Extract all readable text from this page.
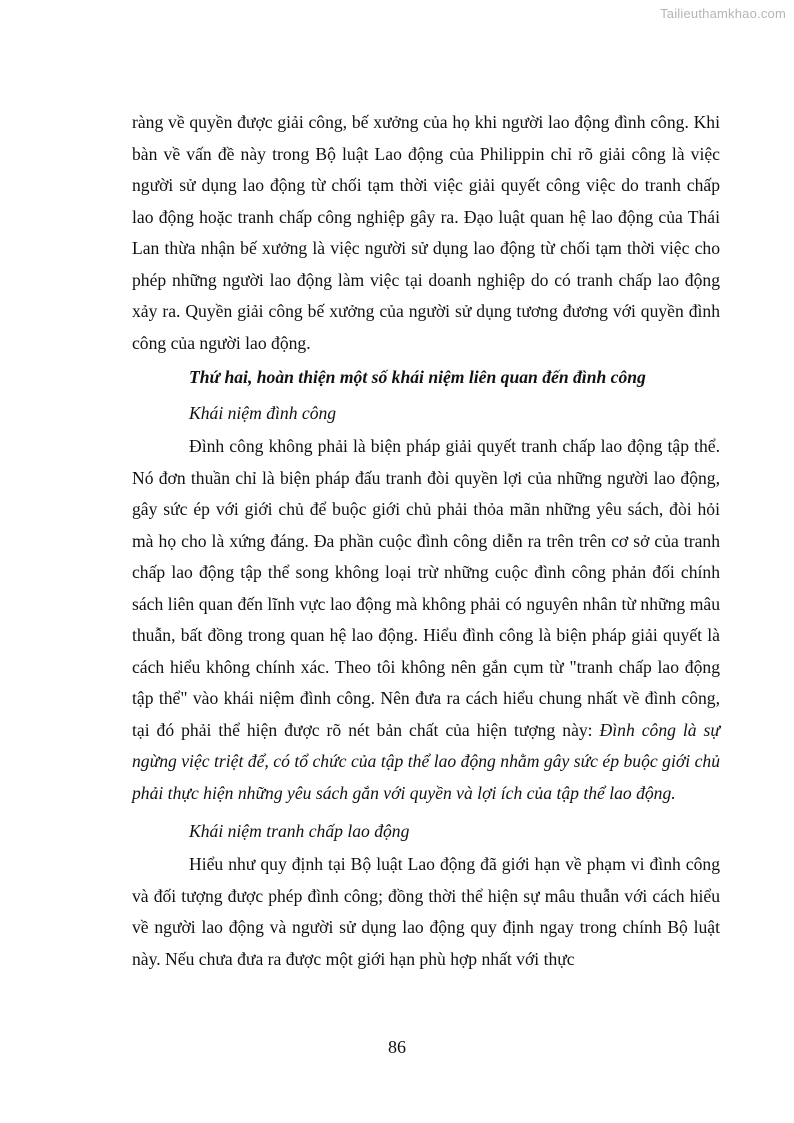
Tailieuthamkhao.com

ràng về quyền được giải công, bế xưởng của họ khi người lao động đình công. Khi bàn về vấn đề này trong Bộ luật Lao động của Philippin chỉ rõ giải công là việc người sử dụng lao động từ chối tạm thời việc giải quyết công việc do tranh chấp lao động hoặc tranh chấp công nghiệp gây ra. Đạo luật quan hệ lao động của Thái Lan thừa nhận bế xưởng là việc người sử dụng lao động từ chối tạm thời việc cho phép những người lao động làm việc tại doanh nghiệp do có tranh chấp lao động xảy ra. Quyền giải công bế xưởng của người sử dụng tương đương với quyền đình công của người lao động.

Thứ hai, hoàn thiện một số khái niệm liên quan đến đình công

Khái niệm đình công

Đình công không phải là biện pháp giải quyết tranh chấp lao động tập thể. Nó đơn thuần chỉ là biện pháp đấu tranh đòi quyền lợi của những người lao động, gây sức ép với giới chủ để buộc giới chủ phải thỏa mãn những yêu sách, đòi hỏi mà họ cho là xứng đáng. Đa phần cuộc đình công diễn ra trên trên cơ sở của tranh chấp lao động tập thể song không loại trừ những cuộc đình công phản đối chính sách liên quan đến lĩnh vực lao động mà không phải có nguyên nhân từ những mâu thuẫn, bất đồng trong quan hệ lao động. Hiểu đình công là biện pháp giải quyết là cách hiểu không chính xác. Theo tôi không nên gắn cụm từ "tranh chấp lao động tập thể" vào khái niệm đình công. Nên đưa ra cách hiểu chung nhất về đình công, tại đó phải thể hiện được rõ nét bản chất của hiện tượng này: Đình công là sự ngừng việc triệt để, có tổ chức của tập thể lao động nhằm gây sức ép buộc giới chủ phải thực hiện những yêu sách gắn với quyền và lợi ích của tập thể lao động.

Khái niệm tranh chấp lao động

Hiểu như quy định tại Bộ luật Lao động đã giới hạn về phạm vi đình công và đối tượng được phép đình công; đồng thời thể hiện sự mâu thuẫn với cách hiểu về người lao động và người sử dụng lao động quy định ngay trong chính Bộ luật này. Nếu chưa đưa ra được một giới hạn phù hợp nhất với thực

86
